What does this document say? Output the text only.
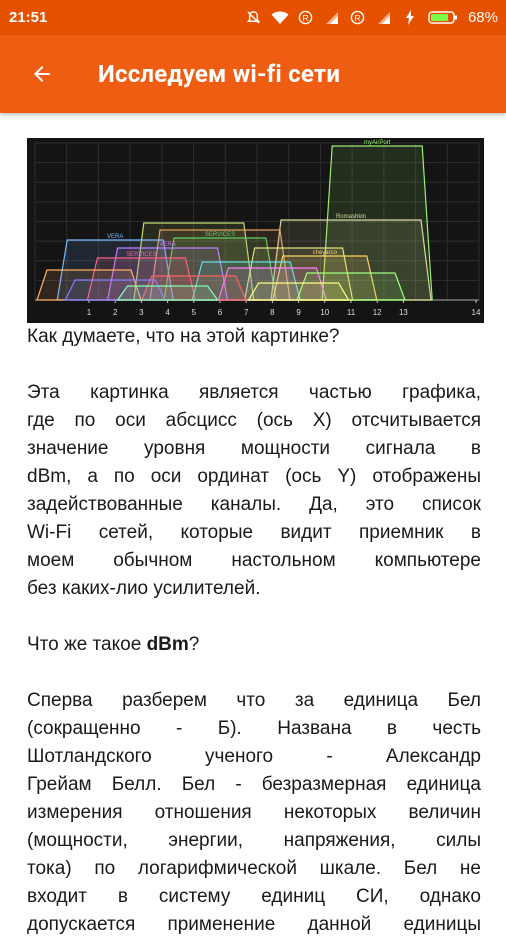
21:51	R	R	68%
Исследуем wi-fi сети
1	2	3	4	5	6	7	8	9 10 11 12 13	14
myAirPort
Romashkin
VERA	SERVICES
VERA
cheyarco
SERVICES

Как думаете, что на этой картинке?

Эта картинка является частью графика,
где по оси абсцисс (ось Х) отсчитывается
значение уровня мощности сигнала в
dBm, а по оси ординат (ось Y) отображены
задействованные каналы. Да, это список
Wi-Fi сетей, которые видит приемник в
моем обычном настольном компьютере
без каких-лио усилителей.

Что же такое dBm?

Сперва разберем что за единица Бел
(сокращенно - Б). Названа в честь
Шотландского ученого - Александр
Грейам Белл. Бел - безразмерная единица
измерения отношения некоторых величин
(мощности, энергии, напряжения, силы
тока) по логарифмической шкале. Бел не
входит в систему единиц СИ, однако
допускается применение данной единицы
